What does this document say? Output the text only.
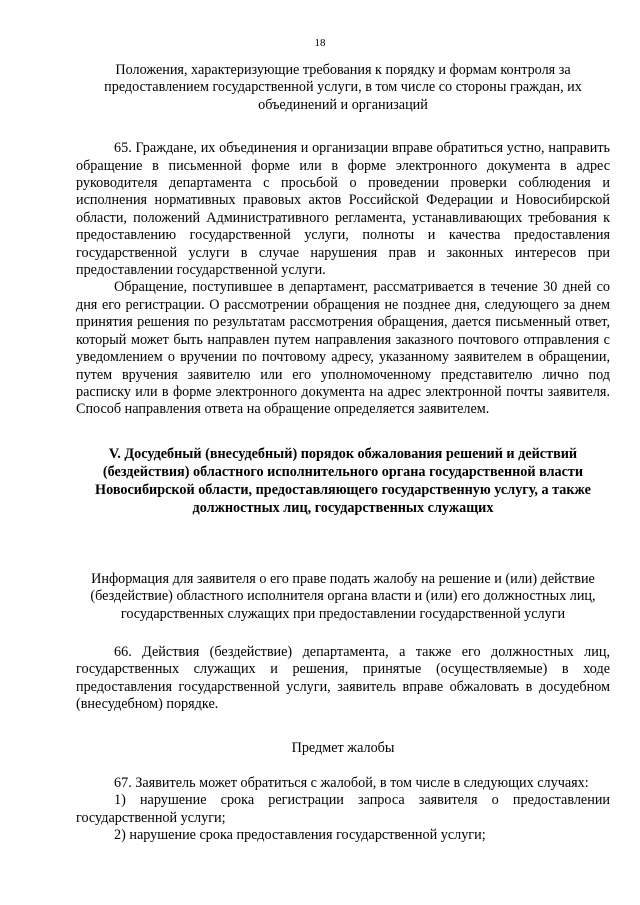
18

Положения, характеризующие требования к порядку и формам контроля за предоставлением государственной услуги, в том числе со стороны граждан, их объединений и организаций

65. Граждане, их объединения и организации вправе обратиться устно, направить обращение в письменной форме или в форме электронного документа в адрес руководителя департамента с просьбой о проведении проверки соблюдения и исполнения нормативных правовых актов Российской Федерации и Новосибирской области, положений Административного регламента, устанавливающих требования к предоставлению государственной услуги, полноты и качества предоставления государственной услуги в случае нарушения прав и законных интересов при предоставлении государственной услуги.

Обращение, поступившее в департамент, рассматривается в течение 30 дней со дня его регистрации. О рассмотрении обращения не позднее дня, следующего за днем принятия решения по результатам рассмотрения обращения, дается письменный ответ, который может быть направлен путем направления заказного почтового отправления с уведомлением о вручении по почтовому адресу, указанному заявителем в обращении, путем вручения заявителю или его уполномоченному представителю лично под расписку или в форме электронного документа на адрес электронной почты заявителя. Способ направления ответа на обращение определяется заявителем.

V. Досудебный (внесудебный) порядок обжалования решений и действий (бездействия) областного исполнительного органа государственной власти Новосибирской области, предоставляющего государственную услугу, а также должностных лиц, государственных служащих

Информация для заявителя о его праве подать жалобу на решение и (или) действие (бездействие) областного исполнителя органа власти и (или) его должностных лиц, государственных служащих при предоставлении государственной услуги

66. Действия (бездействие) департамента, а также его должностных лиц, государственных служащих и решения, принятые (осуществляемые) в ходе предоставления государственной услуги, заявитель вправе обжаловать в досудебном (внесудебном) порядке.

Предмет жалобы

67. Заявитель может обратиться с жалобой, в том числе в следующих случаях:

1) нарушение срока регистрации запроса заявителя о предоставлении государственной услуги;

2) нарушение срока предоставления государственной услуги;
